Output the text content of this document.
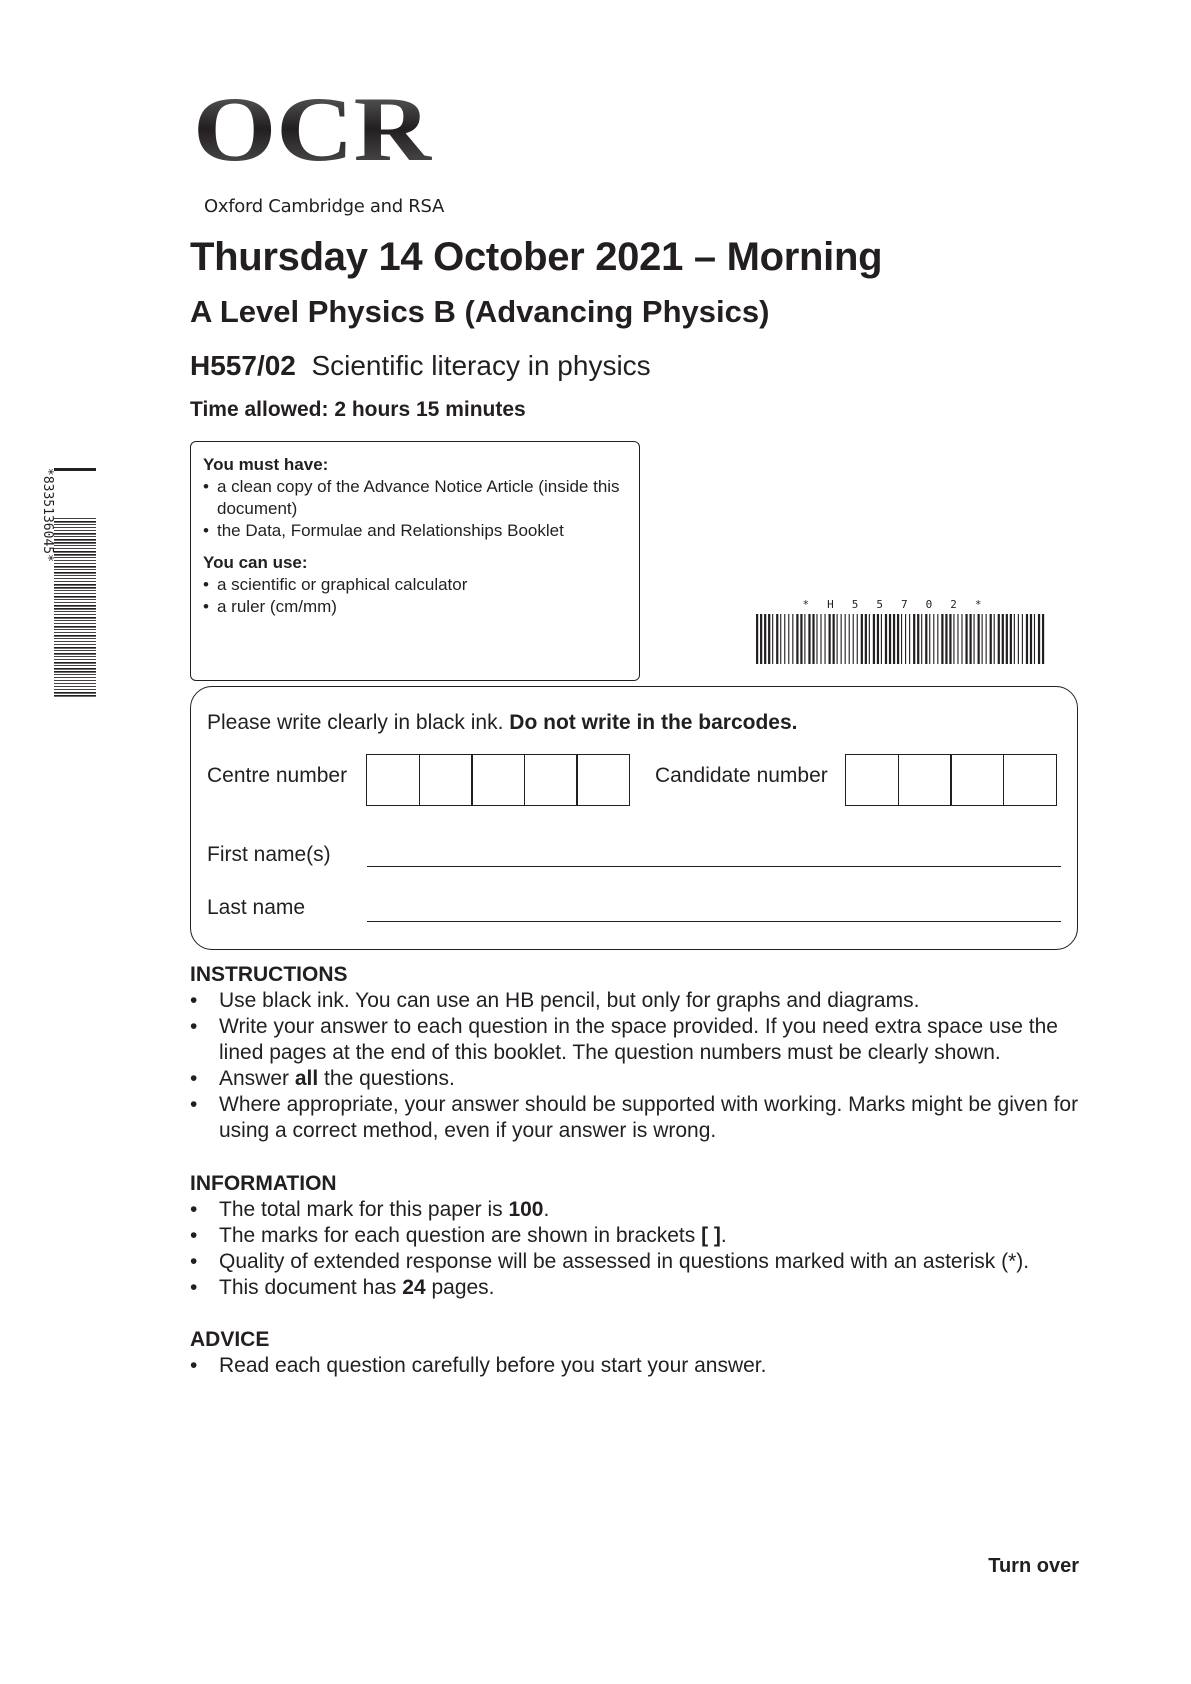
OCR
Oxford Cambridge and RSA
Thursday 14 October 2021 – Morning
A Level Physics B (Advancing Physics)
H557/02 Scientific literacy in physics
Time allowed: 2 hours 15 minutes
*8335136045*
You must have:
• a clean copy of the Advance Notice Article (inside this document)
• the Data, Formulae and Relationships Booklet
You can use:
• a scientific or graphical calculator
• a ruler (cm/mm)	*H55702*
Please write clearly in black ink. Do not write in the barcodes.
Centre number	Candidate number
First name(s)
Last name
INSTRUCTIONS
• Use black ink. You can use an HB pencil, but only for graphs and diagrams.
• Write your answer to each question in the space provided. If you need extra space use the lined pages at the end of this booklet. The question numbers must be clearly shown.
• Answer all the questions.
• Where appropriate, your answer should be supported with working. Marks might be given for using a correct method, even if your answer is wrong.
INFORMATION
• The total mark for this paper is 100.
• The marks for each question are shown in brackets [ ].
• Quality of extended response will be assessed in questions marked with an asterisk (*).
• This document has 24 pages.
ADVICE
• Read each question carefully before you start your answer.
Turn over
